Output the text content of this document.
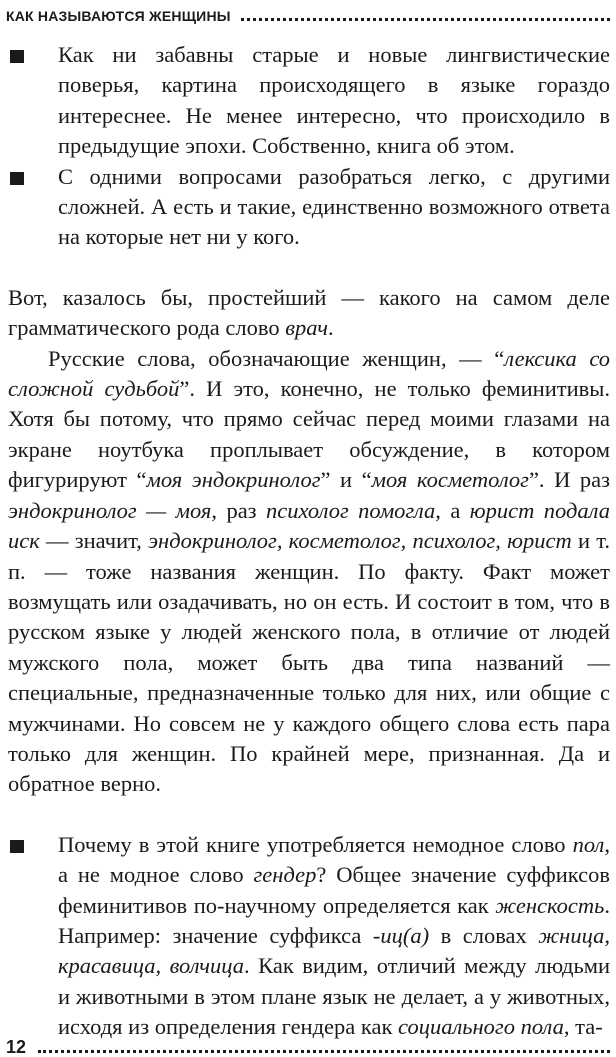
КАК НАЗЫВАЮТСЯ ЖЕНЩИНЫ

Как ни забавны старые и новые лингвистические поверья, картина происходящего в языке гораздо интереснее. Не менее интересно, что происходило в предыдущие эпохи. Собственно, книга об этом.

С одними вопросами разобраться легко, с другими сложней. А есть и такие, единственно возможного ответа на которые нет ни у кого.

Вот, казалось бы, простейший — какого на самом деле грамматического рода слово врач.

Русские слова, обозначающие женщин, — “лексика со сложной судьбой”. И это, конечно, не только феминитивы. Хотя бы потому, что прямо сейчас перед моими глазами на экране ноутбука проплывает обсуждение, в котором фигурируют “моя эндокринолог” и “моя косметолог”. И раз эндокринолог — моя, раз психолог помогла, а юрист подала иск — значит, эндокринолог, косметолог, психолог, юрист и т. п. — тоже названия женщин. По факту. Факт может возмущать или озадачивать, но он есть. И состоит в том, что в русском языке у людей женского пола, в отличие от людей мужского пола, может быть два типа названий — специальные, предназначенные только для них, или общие с мужчинами. Но совсем не у каждого общего слова есть пара только для женщин. По крайней мере, признанная. Да и обратное верно.

Почему в этой книге употребляется немодное слово пол, а не модное слово гендер? Общее значение суффиксов феминитивов по-научному определяется как женскость. Например: значение суффикса -иц(а) в словах жница, красавица, волчица. Как видим, отличий между людьми и животными в этом плане язык не делает, а у животных, исходя из определения гендера как социального пола, та-

12
